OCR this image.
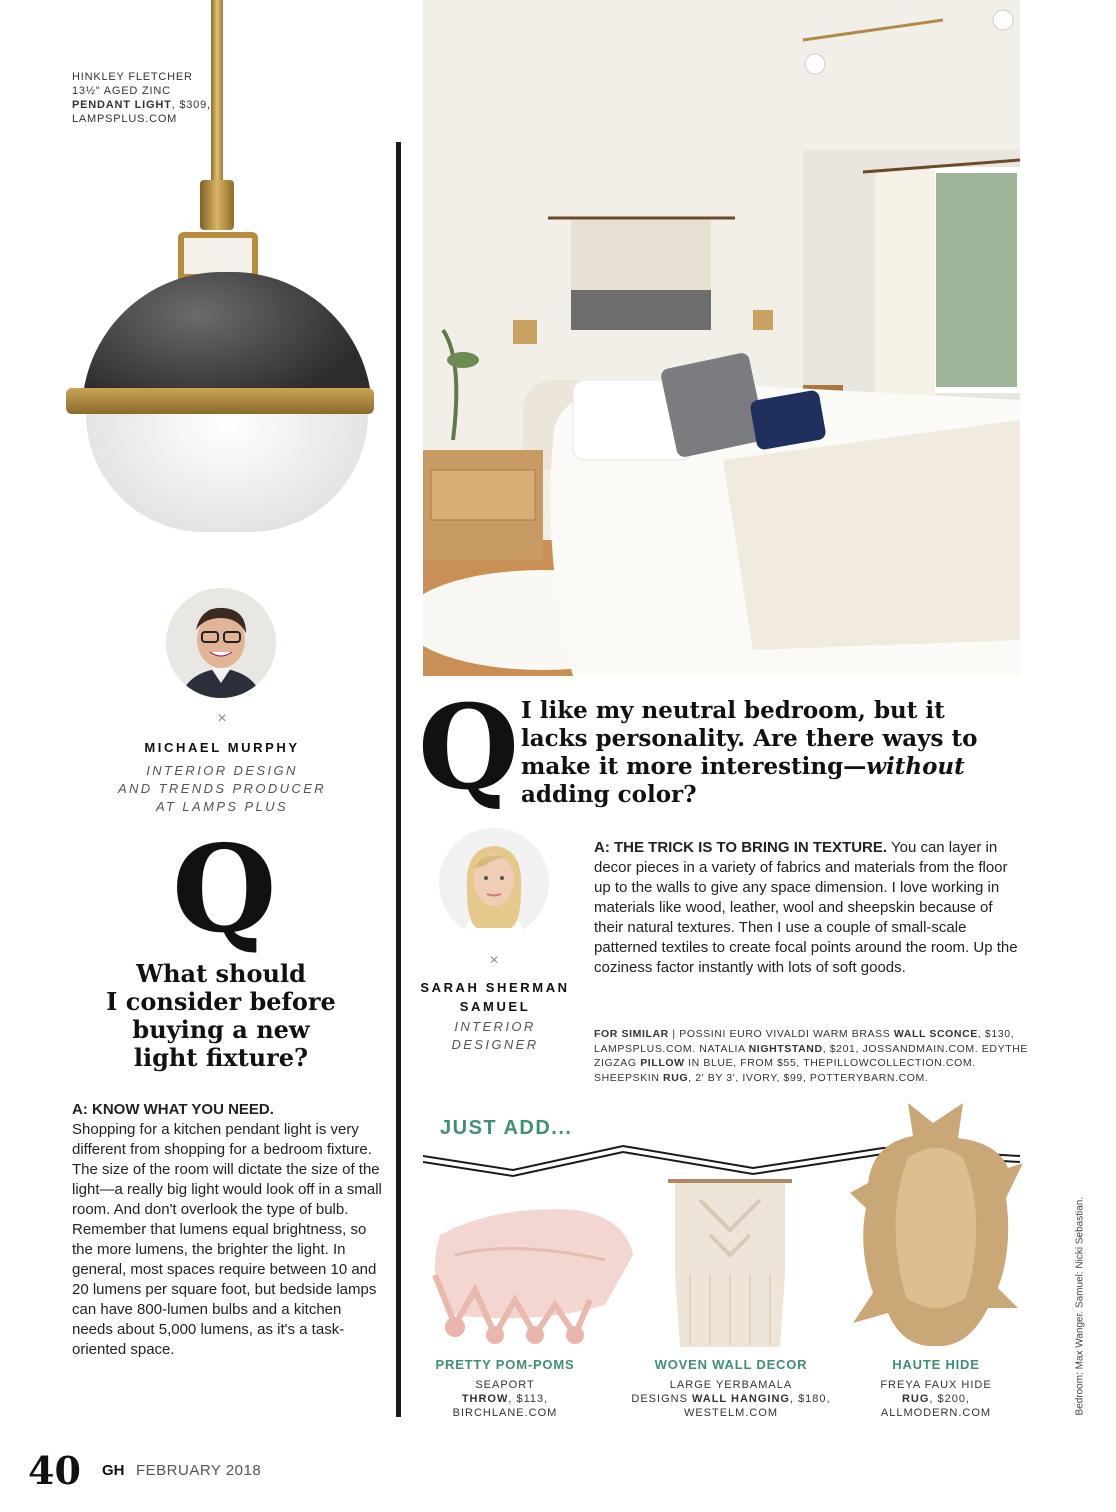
HINKLEY FLETCHER
13½" AGED ZINC
PENDANT LIGHT, $309,
LAMPSPLUS.COM
×
MICHAEL MURPHY
INTERIOR DESIGN
AND TRENDS PRODUCER
AT LAMPS PLUS
Q
What should
I consider before
buying a new
light fixture?
A: KNOW WHAT YOU NEED.
Shopping for a kitchen pendant light is very different from shopping for a bedroom fixture. The size of the room will dictate the size of the light—a really big light would look off in a small room. And don't overlook the type of bulb. Remember that lumens equal brightness, so the more lumens, the brighter the light. In general, most spaces require between 10 and 20 lumens per square foot, but bedside lamps can have 800-lumen bulbs and a kitchen needs about 5,000 lumens, as it's a task-oriented space.
Q I like my neutral bedroom, but it
lacks personality. Are there ways to
make it more interesting—without
adding color?
×
SARAH SHERMAN
SAMUEL
INTERIOR
DESIGNER
A: THE TRICK IS TO BRING IN TEXTURE. You can layer in decor pieces in a variety of fabrics and materials from the floor up to the walls to give any space dimension. I love working in materials like wood, leather, wool and sheepskin because of their natural textures. Then I use a couple of small-scale patterned textiles to create focal points around the room. Up the coziness factor instantly with lots of soft goods.
FOR SIMILAR | POSSINI EURO VIVALDI WARM BRASS WALL SCONCE, $130, LAMPSPLUS.COM. NATALIA NIGHTSTAND, $201, JOSSANDMAIN.COM. EDYTHE ZIGZAG PILLOW IN BLUE, FROM $55, THEPILLOWCOLLECTION.COM. SHEEPSKIN RUG, 2' BY 3', IVORY, $99, POTTERYBARN.COM.
JUST ADD...
PRETTY POM-POMS
SEAPORT
THROW, $113,
BIRCHLANE.COM
WOVEN WALL DECOR
LARGE YERBAMALA
DESIGNS WALL HANGING, $180,
WESTELM.COM
HAUTE HIDE
FREYA FAUX HIDE
RUG, $200,
ALLMODERN.COM	Bedroom: Max Wanger. Samuel: Nicki Sebastian.
40 GH FEBRUARY 2018
